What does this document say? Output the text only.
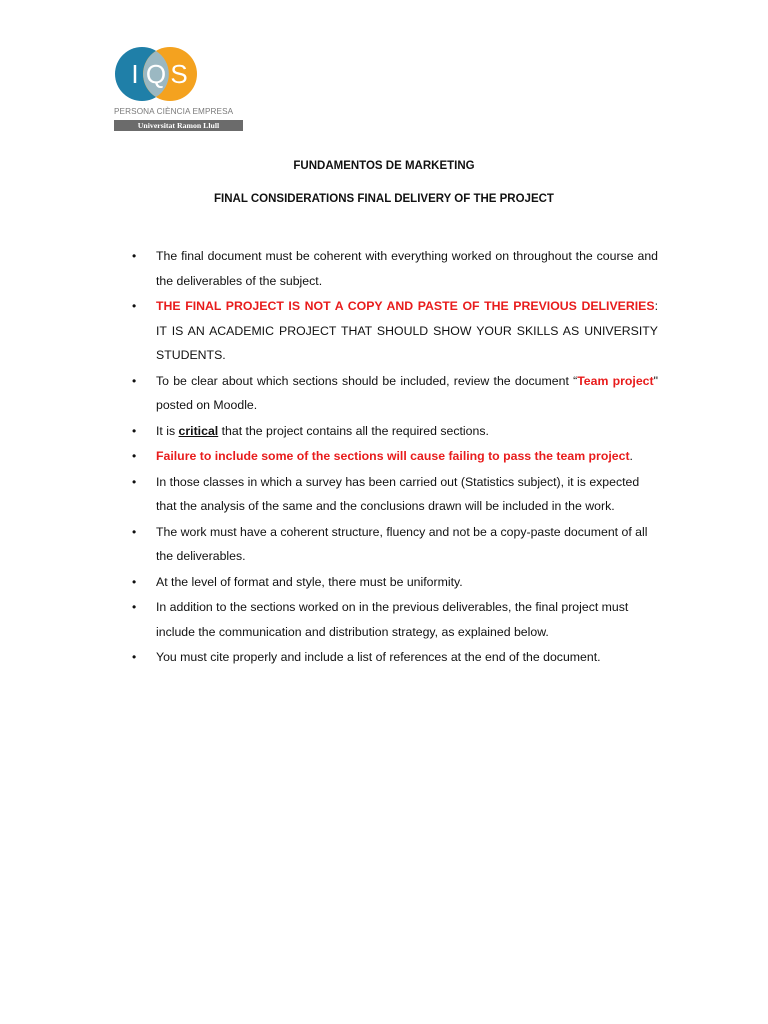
I Q S
PERSONA CIÈNCIA EMPRESA
Universitat Ramon Llull
FUNDAMENTOS DE MARKETING
FINAL CONSIDERATIONS FINAL DELIVERY OF THE PROJECT
• The final document must be coherent with everything worked on throughout the course and the deliverables of the subject.
• THE FINAL PROJECT IS NOT A COPY AND PASTE OF THE PREVIOUS DELIVERIES: IT IS AN ACADEMIC PROJECT THAT SHOULD SHOW YOUR SKILLS AS UNIVERSITY STUDENTS.
• To be clear about which sections should be included, review the document “Team project" posted on Moodle.
• It is critical that the project contains all the required sections.
• Failure to include some of the sections will cause failing to pass the team project.
• In those classes in which a survey has been carried out (Statistics subject), it is expected that the analysis of the same and the conclusions drawn will be included in the work.
• The work must have a coherent structure, fluency and not be a copy-paste document of all the deliverables.
• At the level of format and style, there must be uniformity.
• In addition to the sections worked on in the previous deliverables, the final project must include the communication and distribution strategy, as explained below.
• You must cite properly and include a list of references at the end of the document.
